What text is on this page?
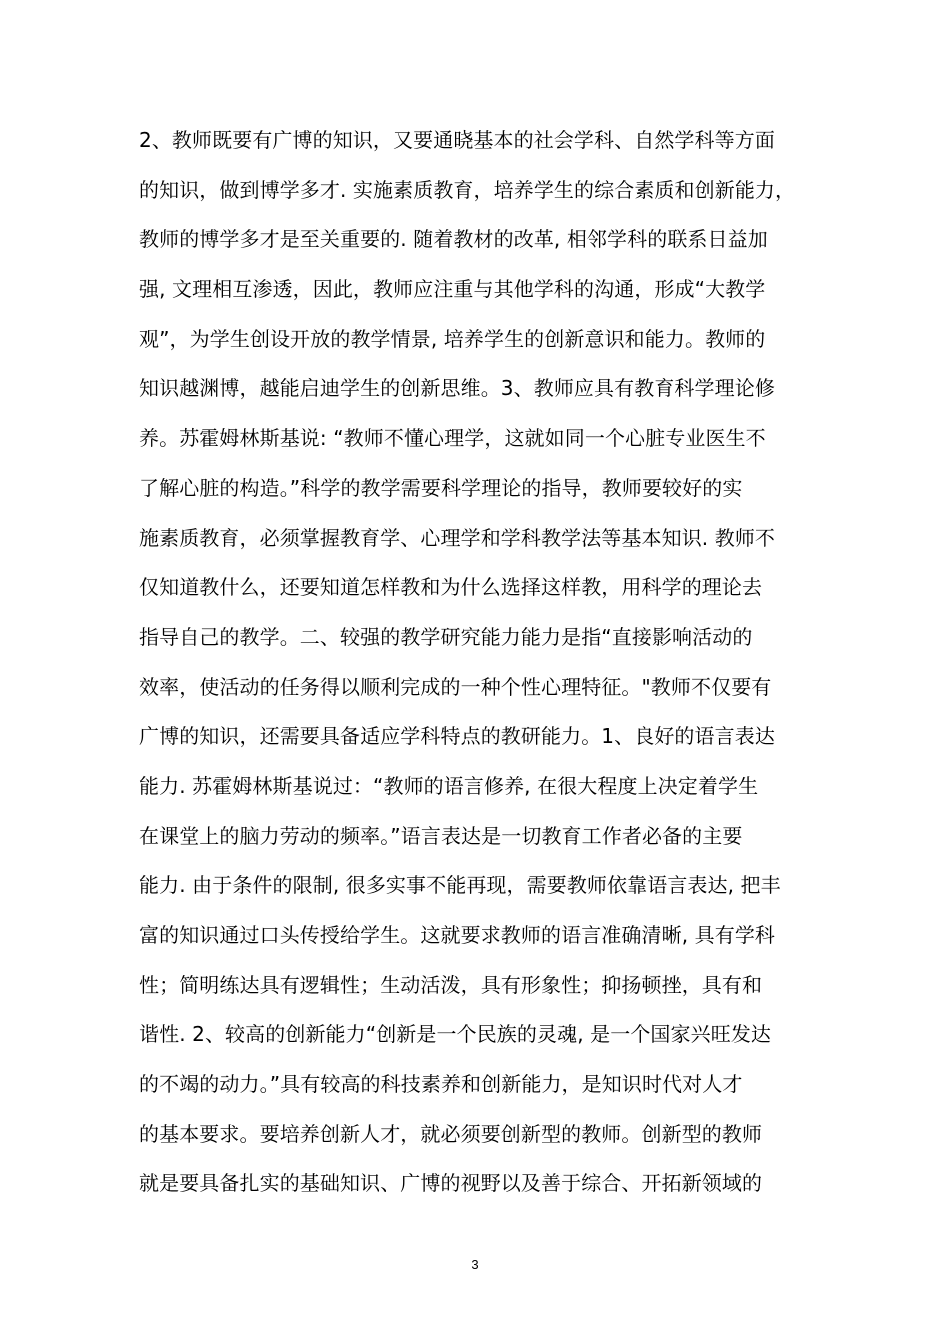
2、教师既要有广博的知识，又要通晓基本的社会学科、自然学科等方面
的知识，做到博学多才. 实施素质教育，培养学生的综合素质和创新能力，
教师的博学多才是至关重要的. 随着教材的改革, 相邻学科的联系日益加
强, 文理相互渗透，因此，教师应注重与其他学科的沟通，形成“大教学
观”，为学生创设开放的教学情景, 培养学生的创新意识和能力。教师的
知识越渊博，越能启迪学生的创新思维。3、教师应具有教育科学理论修
养。苏霍姆林斯基说: “教师不懂心理学，这就如同一个心脏专业医生不
了解心脏的构造。”科学的教学需要科学理论的指导，教师要较好的实
施素质教育，必须掌握教育学、心理学和学科教学法等基本知识. 教师不
仅知道教什么，还要知道怎样教和为什么选择这样教，用科学的理论去
指导自己的教学。二、较强的教学研究能力能力是指“直接影响活动的
效率，使活动的任务得以顺利完成的一种个性心理特征。"教师不仅要有
广博的知识，还需要具备适应学科特点的教研能力。1、良好的语言表达
能力. 苏霍姆林斯基说过：“教师的语言修养, 在很大程度上决定着学生
在课堂上的脑力劳动的频率。”语言表达是一切教育工作者必备的主要
能力. 由于条件的限制, 很多实事不能再现，需要教师依靠语言表达, 把丰
富的知识通过口头传授给学生。这就要求教师的语言准确清晰, 具有学科
性；简明练达具有逻辑性；生动活泼，具有形象性；抑扬顿挫，具有和
谐性. 2、较高的创新能力“创新是一个民族的灵魂, 是一个国家兴旺发达
的不竭的动力。”具有较高的科技素养和创新能力，是知识时代对人才
的基本要求。要培养创新人才，就必须要创新型的教师。创新型的教师
就是要具备扎实的基础知识、广博的视野以及善于综合、开拓新领域的
3
